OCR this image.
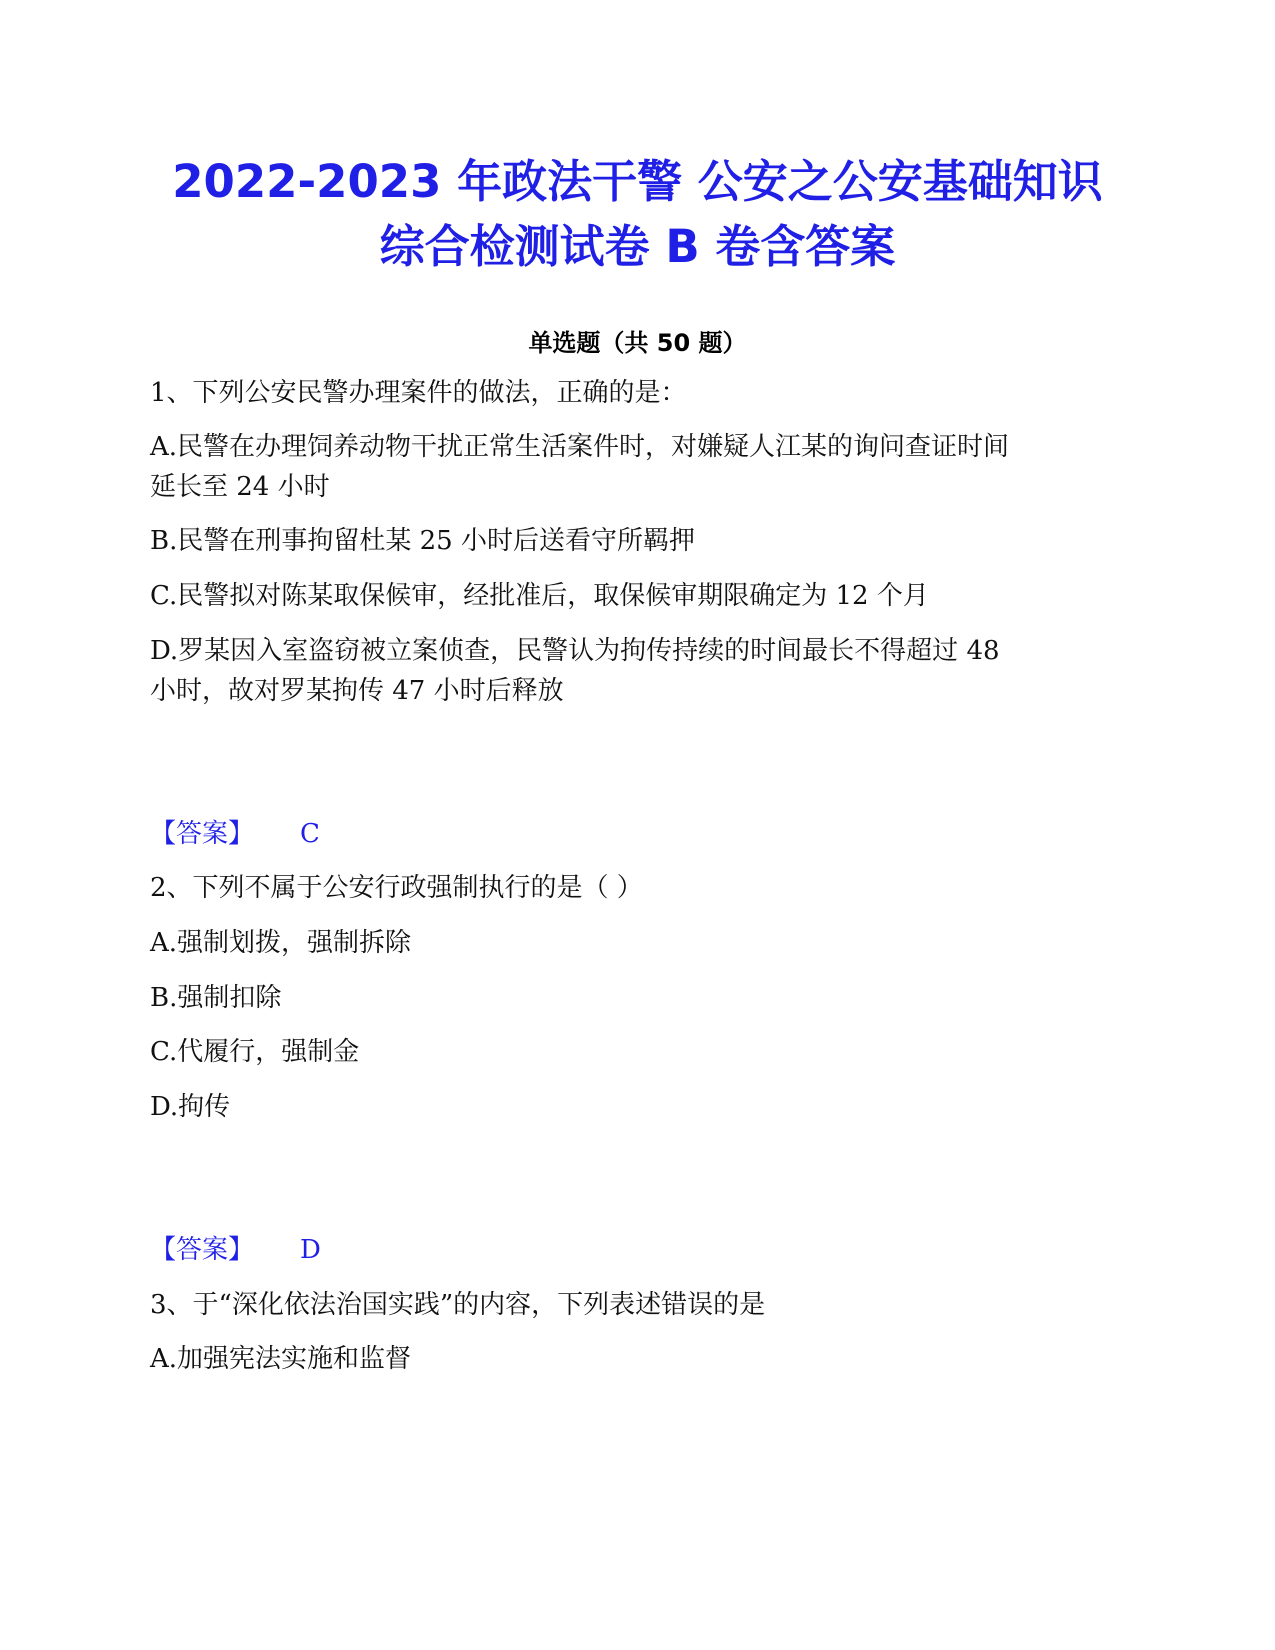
2022-2023 年政法干警 公安之公安基础知识
综合检测试卷 B 卷含答案
单选题（共 50 题）
1、下列公安民警办理案件的做法，正确的是：
A.民警在办理饲养动物干扰正常生活案件时，对嫌疑人江某的询问查证时间
延长至 24 小时
B.民警在刑事拘留杜某 25 小时后送看守所羁押
C.民警拟对陈某取保候审，经批准后，取保候审期限确定为 12 个月
D.罗某因入室盗窃被立案侦查，民警认为拘传持续的时间最长不得超过 48
小时，故对罗某拘传 47 小时后释放
【答案】 C
2、下列不属于公安行政强制执行的是（ ）
A.强制划拨，强制拆除
B.强制扣除
C.代履行，强制金
D.拘传
【答案】 D
3、于“深化依法治国实践”的内容，下列表述错误的是
A.加强宪法实施和监督
